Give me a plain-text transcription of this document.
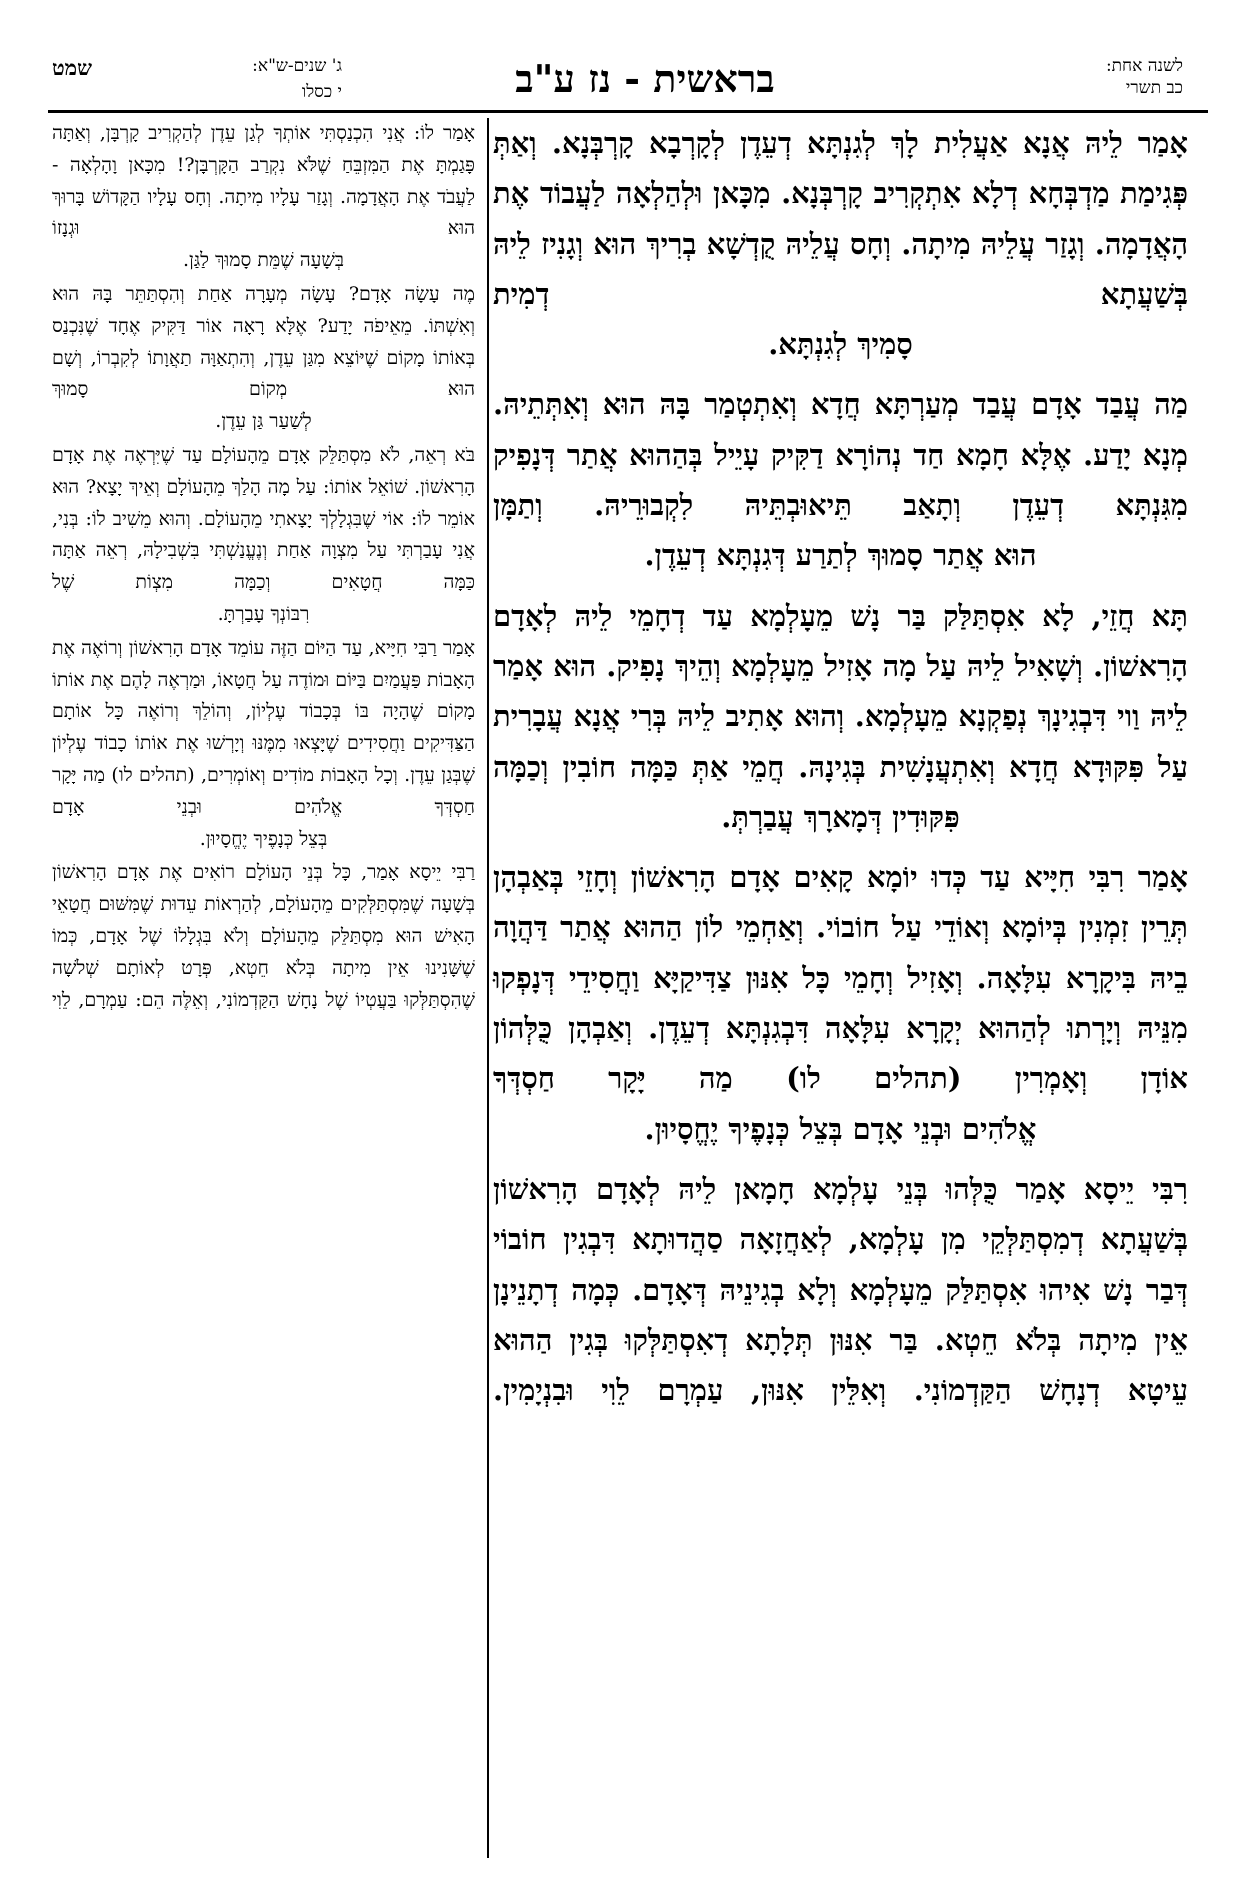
לשנה אחת:
כב תשרי
בראשית - נז ע"ב
ג' שנים-ש"א:
שמט
י כסלו
אָמַר לֵיהּ אֲנָא אַעֲלִית לָךְ לְגִנְתָּא דְעֵדֶן לְקָרְבָא קָרְבְּנָא. וְאַתְּ פְּגִימַת מַדְבְּחָא דְלָא אִתְקְרִיב קָרְבְּנָא. מִכָּאן וּלְהַלְאָה לַעֲבוֹד אֶת הָאֲדָמָה. וְגָזַר עֲלֵיהּ מִיתָה. וְחָס עֲלֵיהּ קֻדְשָׁא בְרִיךְ הוּא וְגָנִיז לֵיהּ בְּשַׁעֲתָא דְמִית
סָמִיךְ לְגִנְתָּא.
מַה עֲבַד אָדָם עֲבַד מְעַרְתָּא חֲדָא וְאִתְטְמַר בָּהּ הוּא וְאִתְּתֵיהּ. מְנָא יָדַע. אֶלָּא חָמָא חַד נְהוֹרָא דַקִּיק עָיֵיל בְּהַהוּא אֲתַר דְּנָפִיק מִגִּנְתָּא דְעֵדֶן וְתָאַב תֵּיאוּבְתֵּיהּ לִקְבוּרֵיהּ. וְתַמָּן
הוּא אֲתַר סָמוּךְ לְתַרַע דְּגִנְתָּא דְעֵדֶן.
תָּא חֲזֵי, לָא אִסְתַּלַּק בַּר נָשׁ מֵעָלְמָא עַד דְחָמֵי לֵיהּ לְאָדָם הָרִאשׁוֹן. וְשָׁאִיל לֵיהּ עַל מָה אָזִיל מֵעָלְמָא וְהֵיךְ נָפִיק. הוּא אָמַר לֵיהּ וַוי דִּבְגִינָךְ נְפַקְנָא מֵעָלְמָא. וְהוּא אָתִיב לֵיהּ בְּרִי אֲנָא עֲבָרִית עַל פִּקּוּדָא חֲדָא וְאִתְעֲנָשִׁית בְּגִינָהּ. חֲמֵי אַתְּ כַּמָּה חוֹבִין וְכַמָּה
פִּקּוּדִין דְּמָארָךְ עֲבַרְתְּ.
אָמַר רִבִּי חִיָּיא עַד כְּדוּ יוֹמָא קָאִים אָדָם הָרִאשׁוֹן וְחָזֵי בְּאַבְהָן תְּרֵין זִמְנִין בְּיוֹמָא וְאוֹדֵי עַל חוֹבוֹי. וְאַחְמֵי לוֹן הַהוּא אֲתַר דַּהֲוָה בֵיהּ בִּיקָרָא עִלָּאָה. וְאָזִיל וְחָמֵי כָּל אִנּוּן צַדִּיקַיָּא וַחֲסִידֵי דְּנָפְקוּ מִנֵּיהּ וְיָרְתוּ לְהַהוּא יְקָרָא עִלָּאָה דִּבְגִנְתָּא דְעֵדֶן. וְאַבְהָן כֻּלְּהוֹן אוֹדָן וְאָמְרִין (תהלים לו) מַה יָּקָר חַסְדְּךָ
אֱלֹהִים וּבְנֵי אָדָם בְּצֵל כְּנָפֶיךָ יֶחֱסָיוּן.
רִבִּי יֵיסָא אָמַר כֻּלְּהוּ בְּנֵי עָלְמָא חָמָאן לֵיהּ לְאָדָם הָרִאשׁוֹן בְּשַׁעֲתָא דְמִסְתַּלְּקֵי מִן עָלְמָא, לְאַחֲזָאָה סַהֲדוּתָא דִּבְגִין חוֹבוֹי דְּבַר נָשׁ אִיהוּ אִסְתַּלַּק מֵעָלְמָא וְלָא בְגִינֵיהּ דְּאָדָם. כְּמָה דְתָנֵינָן אֵין מִיתָה בְּלֹא חֵטְא. בַּר אִנּוּן תְּלָתָא דְאִסְתַּלְּקוּ בְּגִין הַהוּא עֵיטָא דְנָחָשׁ הַקַּדְמוֹנִי. וְאִלֵּין אִנּוּן, עַמְרָם לֵוִי וּבִנְיָמִין.
אָמַר לוֹ: אֲנִי הִכְנַסְתִּי אוֹתְךָ לְגַן עֵדֶן לְהַקְרִיב קָרְבָּן, וְאַתָּה פָּגַמְתָּ אֶת הַמִּזְבֵּחַ שֶׁלֹּא נִקְרַב הַקָּרְבָּן?! מִכָּאן וָהָלְאָה - לַעֲבֹד אֶת הָאֲדָמָה. וְגָזַר עָלָיו מִיתָה. וְחָס עָלָיו הַקָּדוֹשׁ בָּרוּךְ הוּא וּגְנָזוֹ
בְּשָׁעָה שֶׁמֵּת סָמוּךְ לַגַּן.
מֶה עָשָׂה אָדָם? עָשָׂה מְעָרָה אַחַת וְהִסְתַּתֵּר בָּהּ הוּא וְאִשְׁתּוֹ. מֵאֵיפֹה יָדַע? אֶלָּא רָאָה אוֹר דַּקִּיק אֶחָד שֶׁנִּכְנַס בְּאוֹתוֹ מָקוֹם שֶׁיּוֹצֵא מִגַּן עֵדֶן, וְהִתְאַוָּה תַאֲוָתוֹ לְקִבְרוֹ, וְשָׁם הוּא מְקוֹם סָמוּךְ
לְשַׁעַר גַּן עֵדֶן.
בֹּא רְאֵה, לֹא מִסְתַּלֵּק אָדָם מֵהָעוֹלָם עַד שֶׁיִּרְאֶה אֶת אָדָם הָרִאשׁוֹן. שׁוֹאֵל אוֹתוֹ: עַל מָה הָלַךְ מֵהָעוֹלָם וְאֵיךְ יָצָא? הוּא אוֹמֵר לוֹ: אוֹי שֶׁבִּגְלָלְךָ יָצָאתִי מֵהָעוֹלָם. וְהוּא מֵשִׁיב לוֹ: בְּנִי, אֲנִי עָבַרְתִּי עַל מִצְוָה אַחַת וְנֶעֱנַשְׁתִּי בִּשְׁבִילָהּ, רְאֵה אַתָּה כַּמָּה חֲטָאִים וְכַמָּה מִצְוֹת שֶׁל
רִבּוֹנְךָ עָבַרְתָּ.
אָמַר רַבִּי חִיָּיא, עַד הַיּוֹם הַזֶּה עוֹמֵד אָדָם הָרִאשׁוֹן וְרוֹאֶה אֶת הָאָבוֹת פַּעֲמַיִם בַּיּוֹם וּמוֹדֶה עַל חֲטָאוֹ, וּמַרְאֶה לָהֶם אֶת אוֹתוֹ מָקוֹם שֶׁהָיָה בּוֹ בְּכָבוֹד עֶלְיוֹן, וְהוֹלֵךְ וְרוֹאֶה כָּל אוֹתָם הַצַּדִּיקִים וַחֲסִידִים שֶׁיָּצְאוּ מִמֶּנּוּ וְיָרְשׁוּ אֶת אוֹתוֹ כָבוֹד עֶלְיוֹן שֶׁבְּגַן עֵדֶן. וְכָל הָאָבוֹת מוֹדִים וְאוֹמְרִים, (תהלים לו) מַה יָּקָר חַסְדְּךָ אֱלֹהִים וּבְנֵי אָדָם
בְּצֵל כְּנָפֶיךָ יֶחֱסָיוּן.
רַבִּי יֵיסָא אָמַר, כָּל בְּנֵי הָעוֹלָם רוֹאִים אֶת אָדָם הָרִאשׁוֹן בְּשָׁעָה שֶׁמִּסְתַּלְּקִים מֵהָעוֹלָם, לְהַרְאוֹת עֵדוּת שֶׁמִּשּׁוּם חֲטָאֵי הָאִישׁ הוּא מִסְתַּלֵּק מֵהָעוֹלָם וְלֹא בִּגְלָלוֹ שֶׁל אָדָם, כְּמוֹ שֶׁשָּׁנִינוּ אֵין מִיתָה בְּלֹא חֵטְא, פְּרָט לְאוֹתָם שְׁלֹשָׁה שֶׁהִסְתַּלְּקוּ בַּעֲטְיוֹ שֶׁל נָחָשׁ הַקַּדְמוֹנִי, וְאֵלֶּה הֵם: עַמְרָם, לֵוִי
